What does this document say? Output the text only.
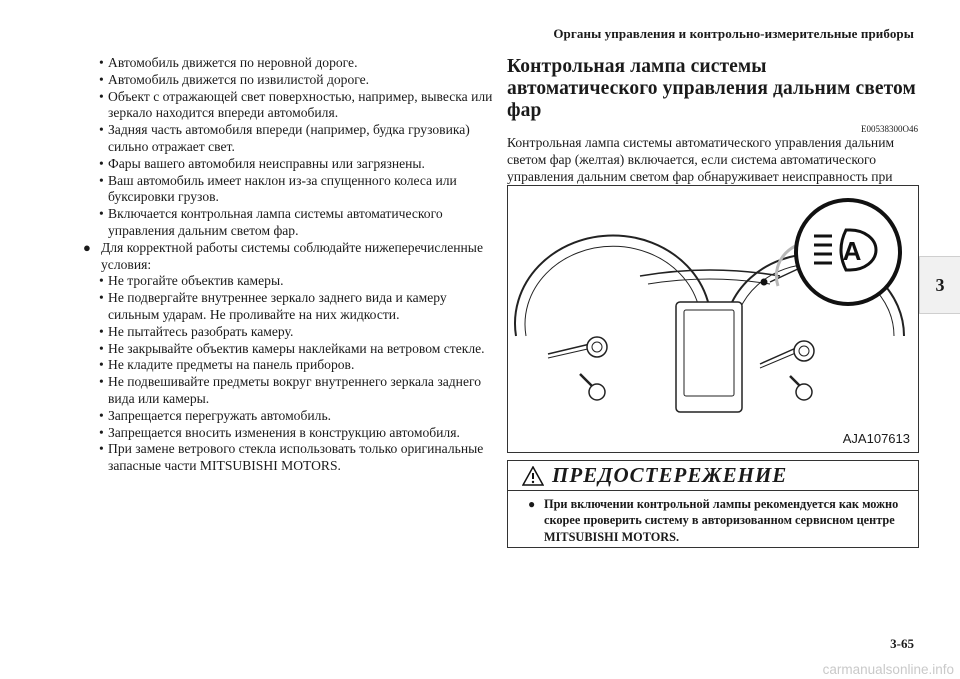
Органы управления и контрольно-измерительные приборы
3
• Автомобиль движется по неровной дороге.
• Автомобиль движется по извилистой дороге.
• Объект с отражающей свет поверхностью, например, вывеска или зеркало находится впереди автомобиля.
• Задняя часть автомобиля впереди (например, будка грузовика) сильно отражает свет.
• Фары вашего автомобиля неисправны или загрязнены.
• Ваш автомобиль имеет наклон из-за спущенного колеса или буксировки грузов.
• Включается контрольная лампа системы автоматического управления дальним светом фар.
● Для корректной работы системы соблюдайте нижеперечисленные условия:
• Не трогайте объектив камеры.
• Не подвергайте внутреннее зеркало заднего вида и камеру сильным ударам. Не проливайте на них жидкости.
• Не пытайтесь разобрать камеру.
• Не закрывайте объектив камеры наклейками на ветровом стекле.
• Не кладите предметы на панель приборов.
• Не подвешивайте предметы вокруг внутреннего зеркала заднего вида или камеры.
• Запрещается перегружать автомобиль.
• Запрещается вносить изменения в конструкцию автомобиля.
• При замене ветрового стекла использовать только оригинальные запасные части MITSUBISHI MOTORS.
Контрольная лампа системы автоматического управления дальним светом фар
E00538300О46
Контрольная лампа системы автоматического управления дальним светом фар (желтая) включается, если система автоматического управления дальним светом фар обнаруживает неисправность при
A
AJA107613
ПРЕДОСТЕРЕЖЕНИЕ
● При включении контрольной лампы рекомендуется как можно скорее проверить систему в авторизованном сервисном центре MITSUBISHI MOTORS.
3-65
carmanualsonline.info
